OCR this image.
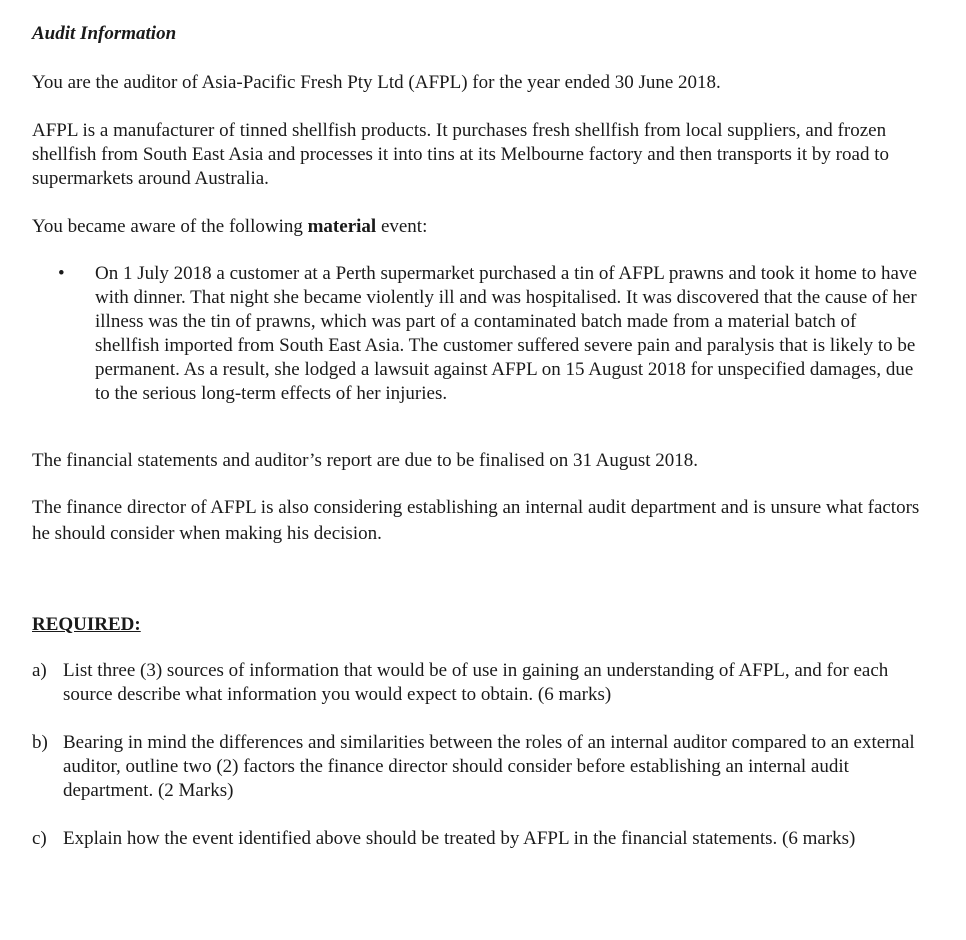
Audit Information

You are the auditor of Asia-Pacific Fresh Pty Ltd (AFPL) for the year ended 30 June 2018.

AFPL is a manufacturer of tinned shellfish products. It purchases fresh shellfish from local suppliers, and frozen shellfish from South East Asia and processes it into tins at its Melbourne factory and then transports it by road to supermarkets around Australia.

You became aware of the following material event:

• On 1 July 2018 a customer at a Perth supermarket purchased a tin of AFPL prawns and took it home to have with dinner. That night she became violently ill and was hospitalised. It was discovered that the cause of her illness was the tin of prawns, which was part of a contaminated batch made from a material batch of shellfish imported from South East Asia. The customer suffered severe pain and paralysis that is likely to be permanent. As a result, she lodged a lawsuit against AFPL on 15 August 2018 for unspecified damages, due to the serious long-term effects of her injuries.

The financial statements and auditor’s report are due to be finalised on 31 August 2018.

The finance director of AFPL is also considering establishing an internal audit department and is unsure what factors he should consider when making his decision.

REQUIRED:

a) List three (3) sources of information that would be of use in gaining an understanding of AFPL, and for each source describe what information you would expect to obtain. (6 marks)

b) Bearing in mind the differences and similarities between the roles of an internal auditor compared to an external auditor, outline two (2) factors the finance director should consider before establishing an internal audit department. (2 Marks)

c) Explain how the event identified above should be treated by AFPL in the financial statements. (6 marks)
